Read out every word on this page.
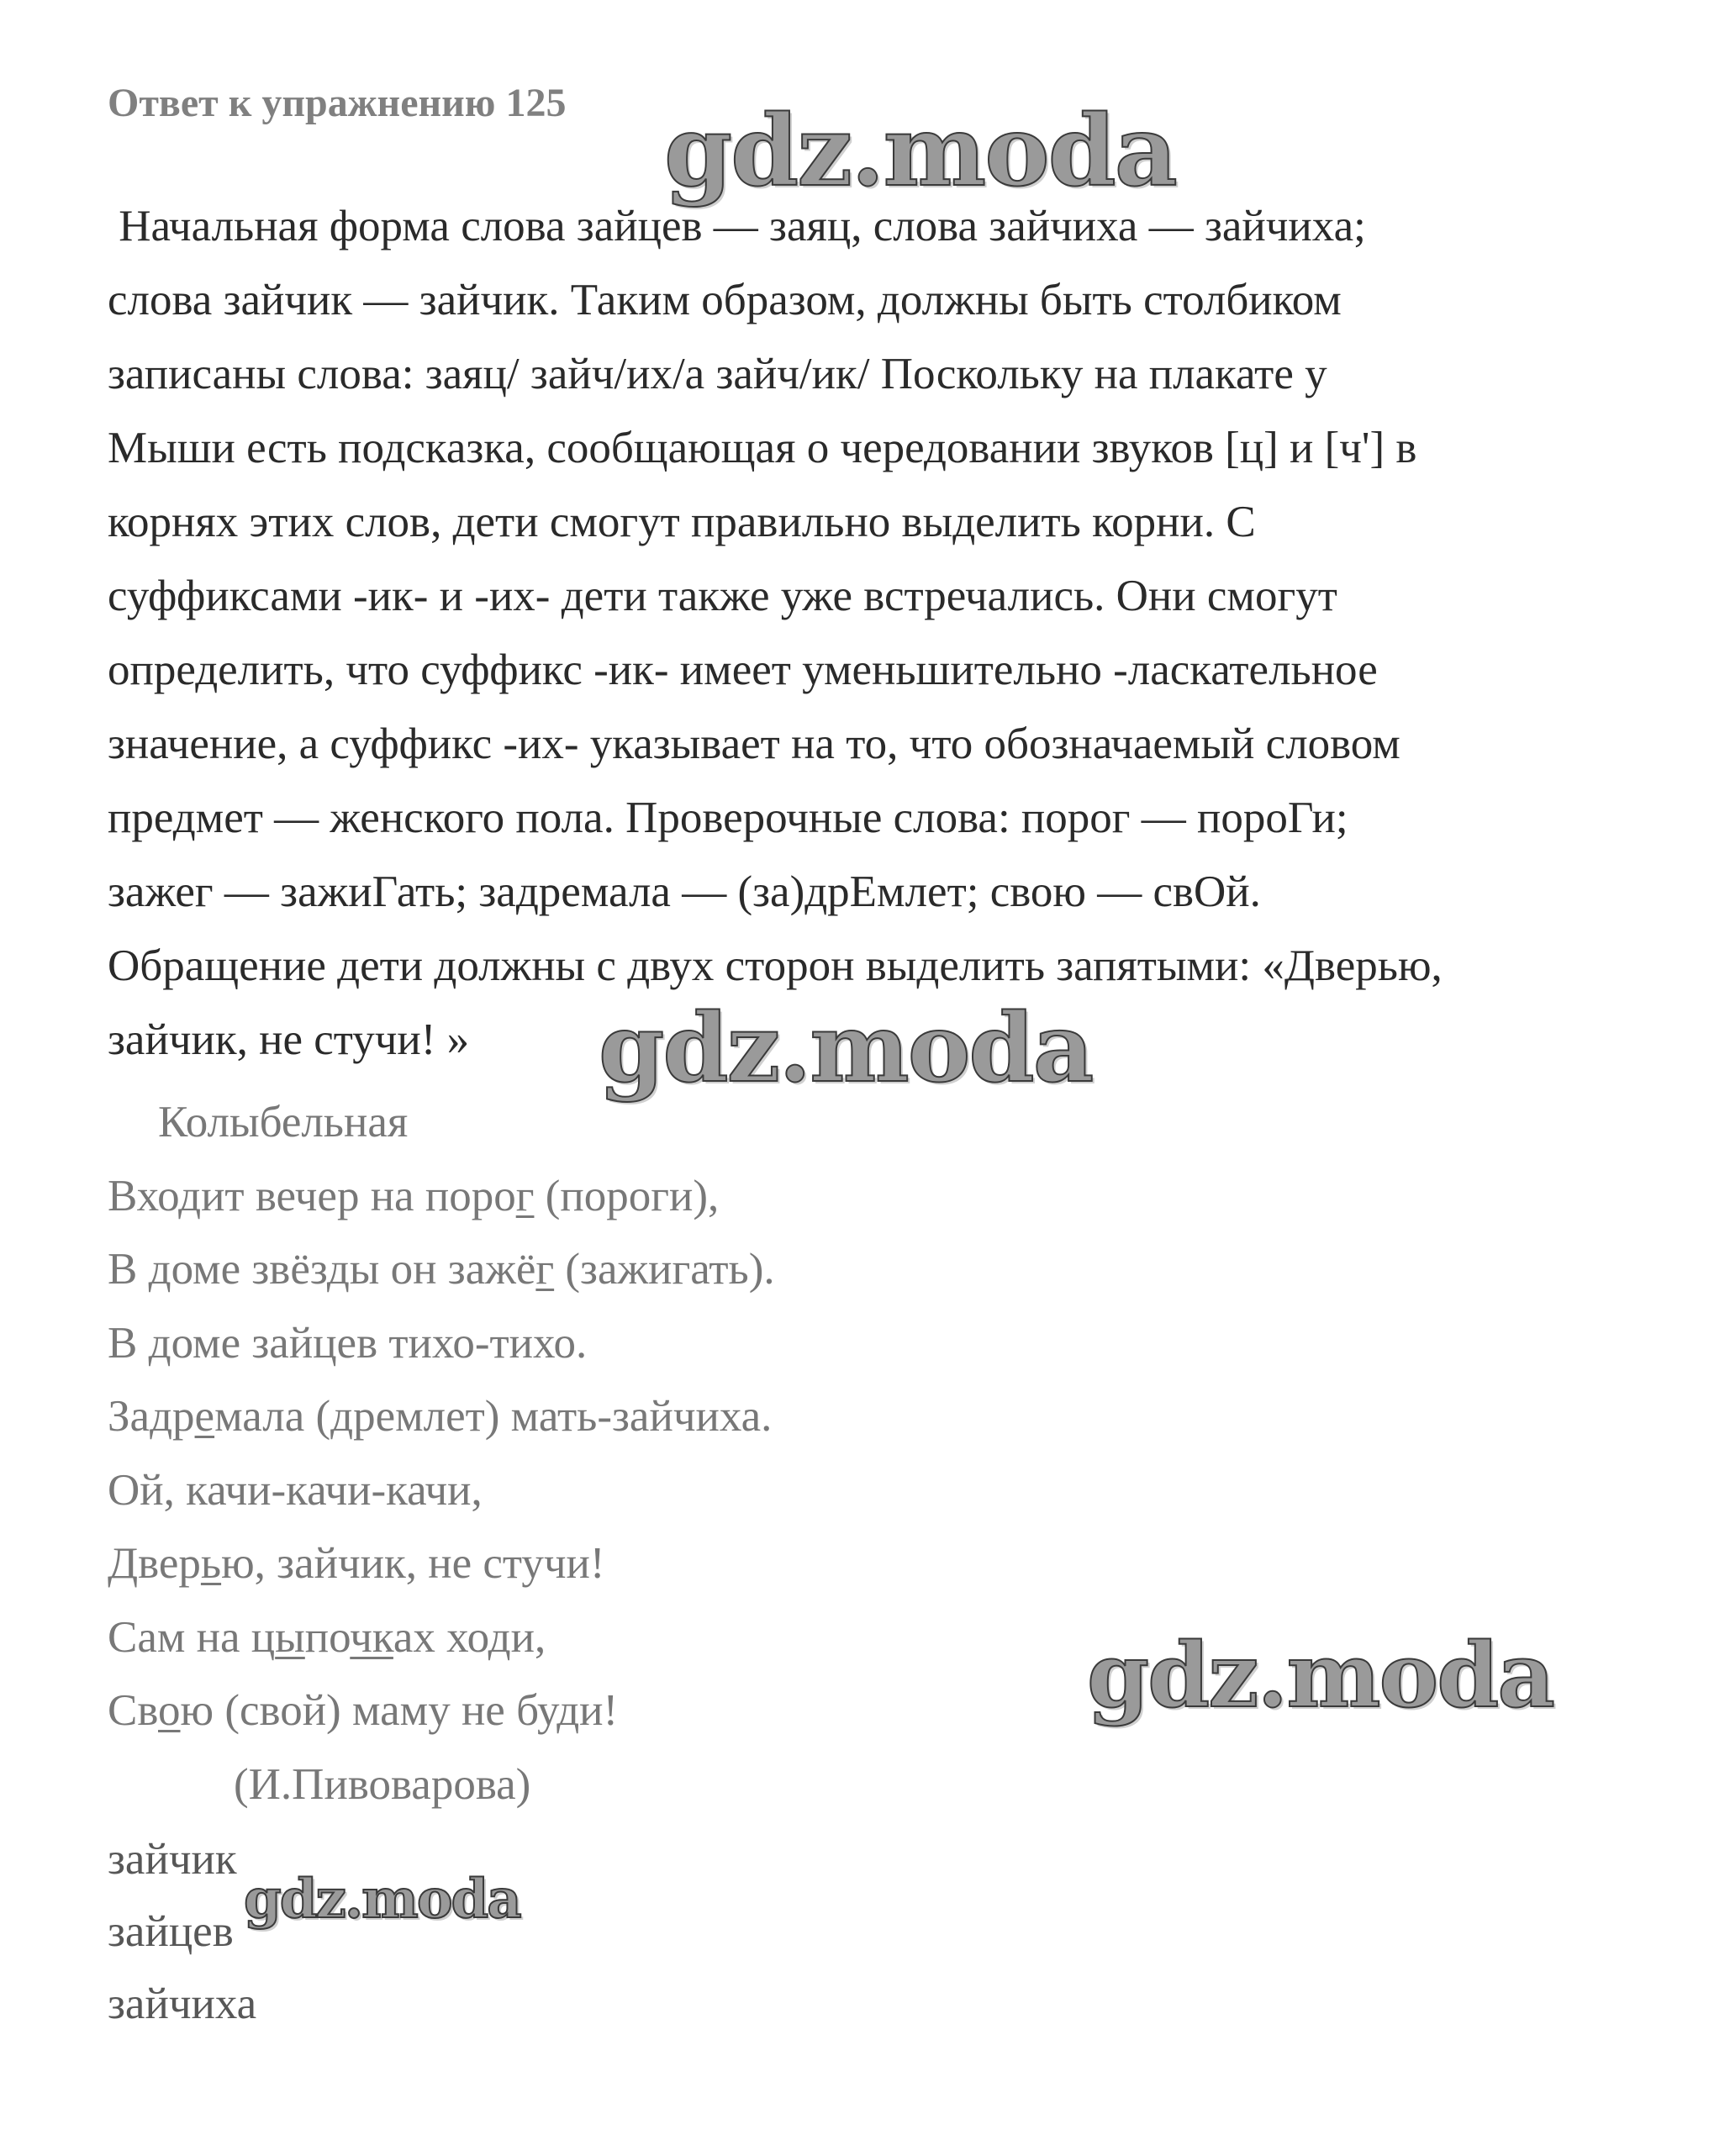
Ответ к упражнению 125
Начальная форма слова зайцев — заяц, слова зайчиха — зайчиха;
слова зайчик — зайчик. Таким образом, должны быть столбиком
записаны слова: заяц/ зайч/их/а зайч/ик/ Поскольку на плакате у
Мыши есть подсказка, сообщающая о чередовании звуков [ц] и [ч'] в
корнях этих слов, дети смогут правильно выделить корни. С
суффиксами -ик- и -их- дети также уже встречались. Они смогут
определить, что суффикс -ик- имеет уменьшительно -ласкательное
значение, а суффикс -их- указывает на то, что обозначаемый словом
предмет — женского пола. Проверочные слова: порог — пороГи;
зажег — зажиГать; задремала — (за)дрЕмлет; свою — свОй.
Обращение дети должны с двух сторон выделить запятыми: «Дверью,
зайчик, не стучи! »
Колыбельная
Входит вечер на порог (пороги),
В доме звёзды он зажёг (зажигать).
В доме зайцев тихо-тихо.
Задремала (дремлет) мать-зайчиха.
Ой, качи-качи-качи,
Дверью, зайчик, не стучи!
Сам на цыпочках ходи,
Свою (свой) маму не буди!
(И.Пивоварова)
зайчик
зайцев
зайчиха
gdz.moda
gdz.moda
gdz.moda
gdz.moda
